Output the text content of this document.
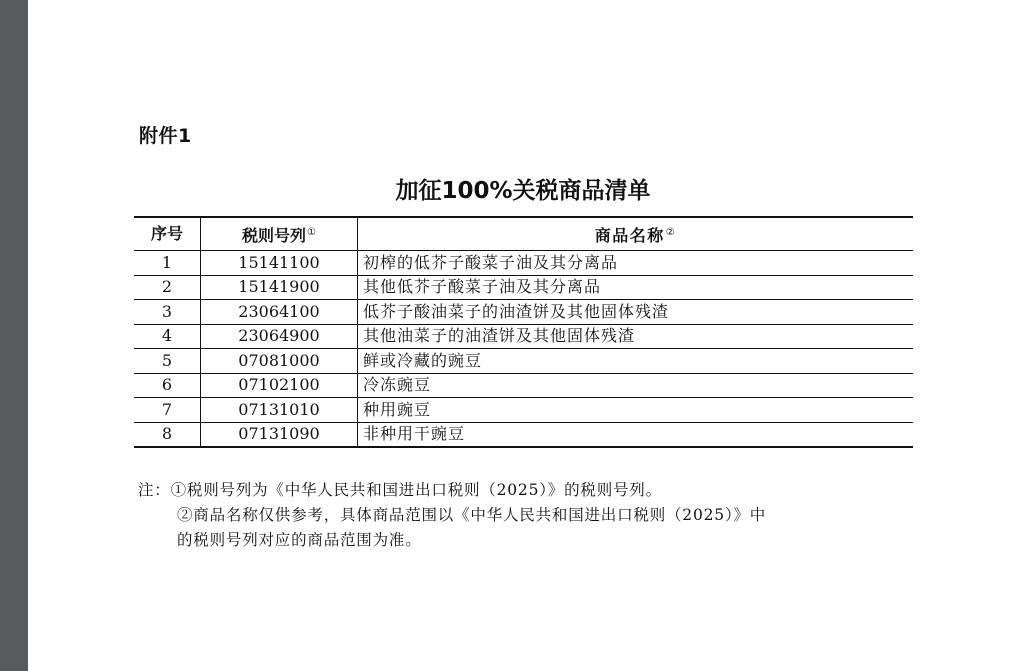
附件1
加征100%关税商品清单
序号	税则号列①	商品名称②
1	15141100	初榨的低芥子酸菜子油及其分离品
2	15141900	其他低芥子酸菜子油及其分离品
3	23064100	低芥子酸油菜子的油渣饼及其他固体残渣
4	23064900	其他油菜子的油渣饼及其他固体残渣
5	07081000	鲜或冷藏的豌豆
6	07102100	冷冻豌豆
7	07131010	种用豌豆
8	07131090	非种用干豌豆
注：①税则号列为《中华人民共和国进出口税则（2025）》的税则号列。
②商品名称仅供参考，具体商品范围以《中华人民共和国进出口税则（2025）》中
的税则号列对应的商品范围为准。
